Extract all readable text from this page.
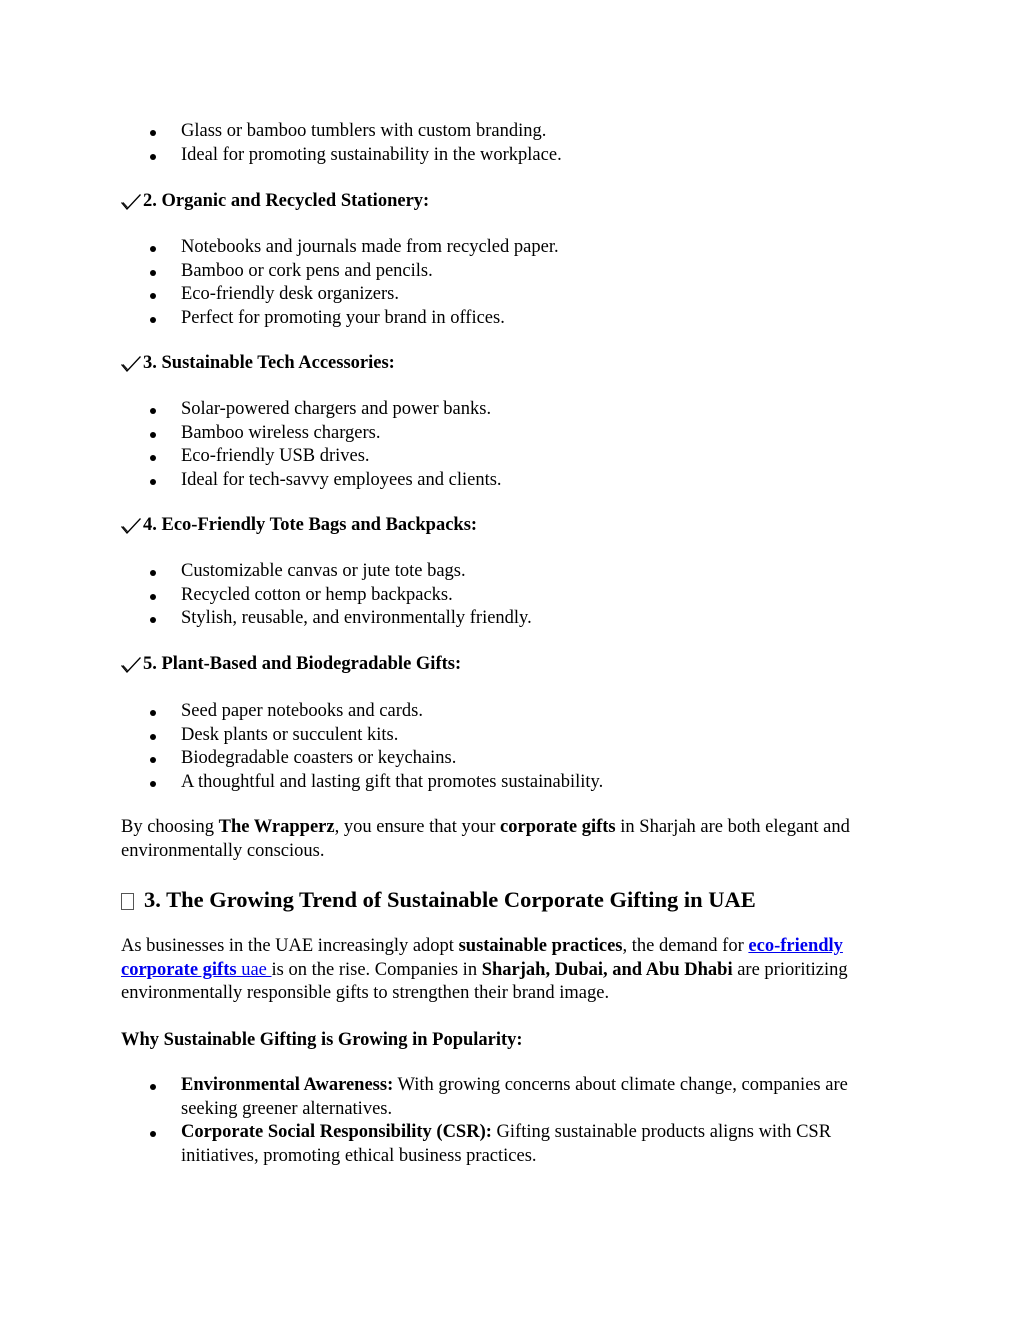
Glass or bamboo tumblers with custom branding.
Ideal for promoting sustainability in the workplace.
2. Organic and Recycled Stationery:
Notebooks and journals made from recycled paper.
Bamboo or cork pens and pencils.
Eco-friendly desk organizers.
Perfect for promoting your brand in offices.
3. Sustainable Tech Accessories:
Solar-powered chargers and power banks.
Bamboo wireless chargers.
Eco-friendly USB drives.
Ideal for tech-savvy employees and clients.
4. Eco-Friendly Tote Bags and Backpacks:
Customizable canvas or jute tote bags.
Recycled cotton or hemp backpacks.
Stylish, reusable, and environmentally friendly.
5. Plant-Based and Biodegradable Gifts:
Seed paper notebooks and cards.
Desk plants or succulent kits.
Biodegradable coasters or keychains.
A thoughtful and lasting gift that promotes sustainability.
By choosing The Wrapperz, you ensure that your corporate gifts in Sharjah are both elegant and environmentally conscious.
3. The Growing Trend of Sustainable Corporate Gifting in UAE
As businesses in the UAE increasingly adopt sustainable practices, the demand for eco-friendly corporate gifts uae is on the rise. Companies in Sharjah, Dubai, and Abu Dhabi are prioritizing environmentally responsible gifts to strengthen their brand image.
Why Sustainable Gifting is Growing in Popularity:
Environmental Awareness: With growing concerns about climate change, companies are seeking greener alternatives.
Corporate Social Responsibility (CSR): Gifting sustainable products aligns with CSR initiatives, promoting ethical business practices.
